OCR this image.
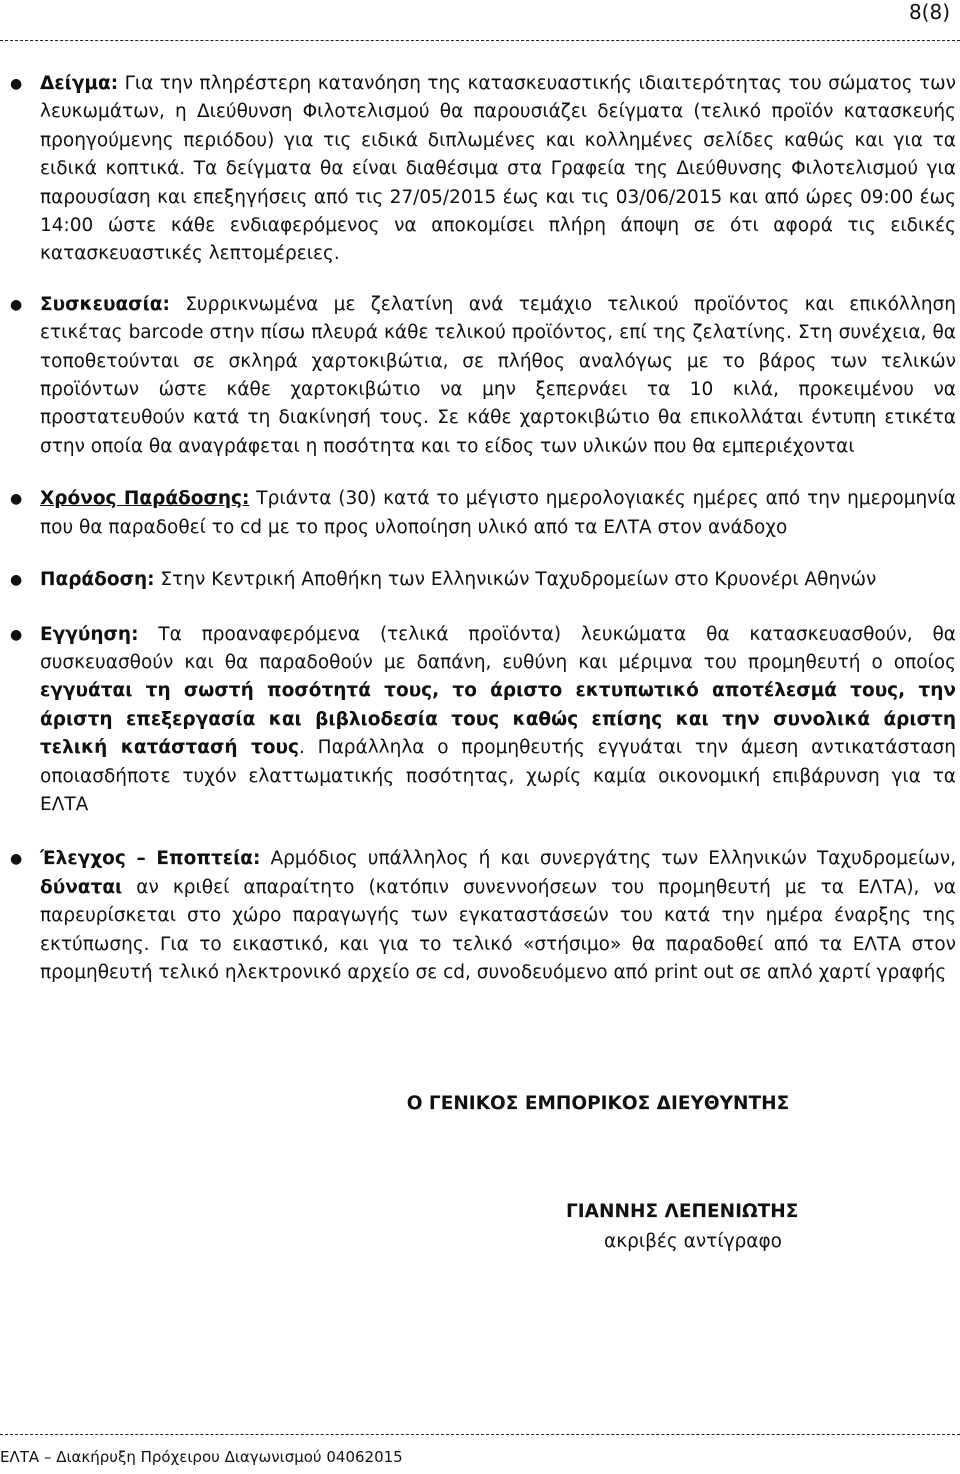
8(8)
● Δείγμα: Για την πληρέστερη κατανόηση της κατασκευαστικής ιδιαιτερότητας του σώματος των λευκωμάτων, η Διεύθυνση Φιλοτελισμού θα παρουσιάζει δείγματα (τελικό προϊόν κατασκευής προηγούμενης περιόδου) για τις ειδικά διπλωμένες και κολλημένες σελίδες καθώς και για τα ειδικά κοπτικά. Τα δείγματα θα είναι διαθέσιμα στα Γραφεία της Διεύθυνσης Φιλοτελισμού για παρουσίαση και επεξηγήσεις από τις 27/05/2015 έως και τις 03/06/2015 και από ώρες 09:00 έως 14:00 ώστε κάθε ενδιαφερόμενος να αποκομίσει πλήρη άποψη σε ότι αφορά τις ειδικές κατασκευαστικές λεπτομέρειες.
● Συσκευασία: Συρρικνωμένα με ζελατίνη ανά τεμάχιο τελικού προϊόντος και επικόλληση ετικέτας barcode στην πίσω πλευρά κάθε τελικού προϊόντος, επί της ζελατίνης. Στη συνέχεια, θα τοποθετούνται σε σκληρά χαρτοκιβώτια, σε πλήθος αναλόγως με το βάρος των τελικών προϊόντων ώστε κάθε χαρτοκιβώτιο να μην ξεπερνάει τα 10 κιλά, προκειμένου να προστατευθούν κατά τη διακίνησή τους. Σε κάθε χαρτοκιβώτιο θα επικολλάται έντυπη ετικέτα στην οποία θα αναγράφεται η ποσότητα και το είδος των υλικών που θα εμπεριέχονται
● Χρόνος Παράδοσης: Τριάντα (30) κατά το μέγιστο ημερολογιακές ημέρες από την ημερομηνία που θα παραδοθεί το cd με το προς υλοποίηση υλικό από τα ΕΛΤΑ στον ανάδοχο
● Παράδοση: Στην Κεντρική Αποθήκη των Ελληνικών Ταχυδρομείων στο Κρυονέρι Αθηνών
● Εγγύηση: Τα προαναφερόμενα (τελικά προϊόντα) λευκώματα θα κατασκευασθούν, θα συσκευασθούν και θα παραδοθούν με δαπάνη, ευθύνη και μέριμνα του προμηθευτή ο οποίος εγγυάται τη σωστή ποσότητά τους, το άριστο εκτυπωτικό αποτέλεσμά τους, την άριστη επεξεργασία και βιβλιοδεσία τους καθώς επίσης και την συνολικά άριστη τελική κατάστασή τους. Παράλληλα ο προμηθευτής εγγυάται την άμεση αντικατάσταση οποιασδήποτε τυχόν ελαττωματικής ποσότητας, χωρίς καμία οικονομική επιβάρυνση για τα ΕΛΤΑ
● Έλεγχος – Εποπτεία: Αρμόδιος υπάλληλος ή και συνεργάτης των Ελληνικών Ταχυδρομείων, δύναται αν κριθεί απαραίτητο (κατόπιν συνεννοήσεων του προμηθευτή με τα ΕΛΤΑ), να παρευρίσκεται στο χώρο παραγωγής των εγκαταστάσεών του κατά την ημέρα έναρξης της εκτύπωσης. Για το εικαστικό, και για το τελικό «στήσιμο» θα παραδοθεί από τα ΕΛΤΑ στον προμηθευτή τελικό ηλεκτρονικό αρχείο σε cd, συνοδευόμενο από print out σε απλό χαρτί γραφής
Ο ΓΕΝΙΚΟΣ ΕΜΠΟΡΙΚΟΣ ΔΙΕΥΘΥΝΤΗΣ
ΓΙΑΝΝΗΣ ΛΕΠΕΝΙΩΤΗΣ
ακριβές αντίγραφο
ΕΛΤΑ – Διακήρυξη Πρόχειρου Διαγωνισμού 04062015
